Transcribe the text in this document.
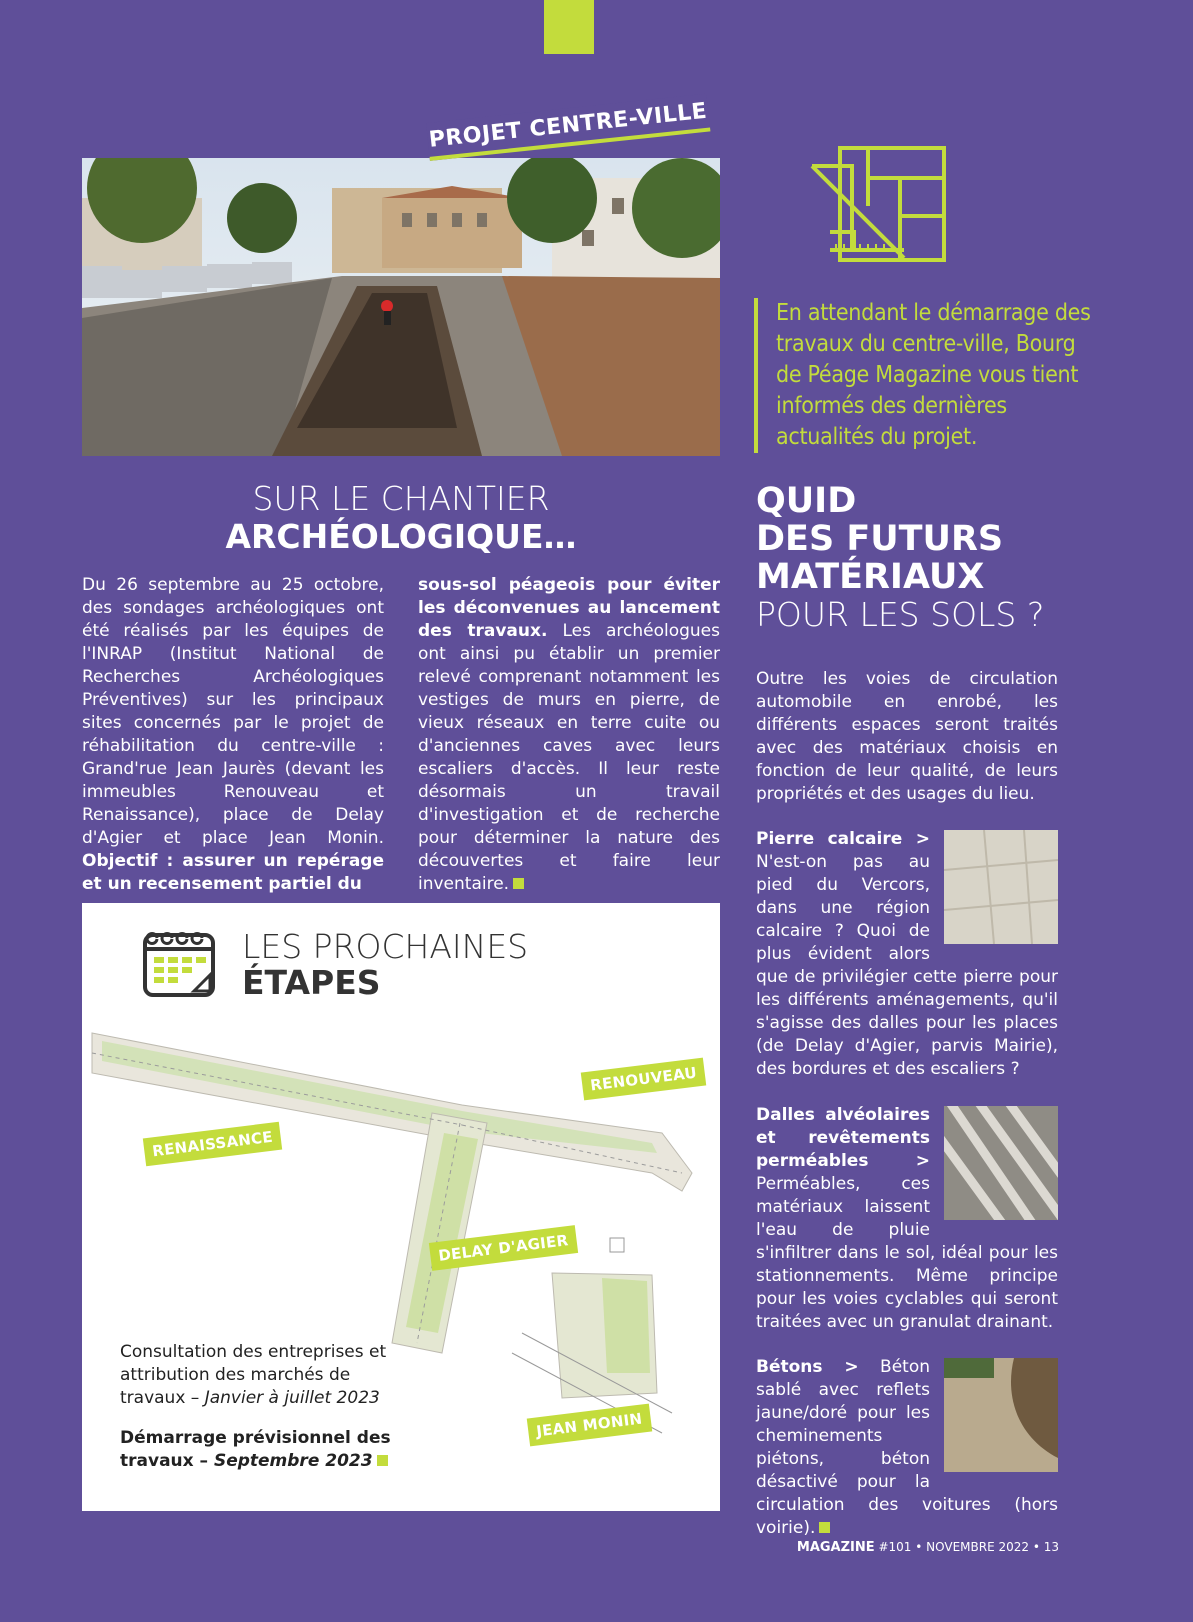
PROJET CENTRE-VILLE
En attendant le démarrage des travaux du centre-ville, Bourg de Péage Magazine vous tient informés des dernières actualités du projet.
SUR LE CHANTIER
ARCHÉOLOGIQUE…
Du 26 septembre au 25 octobre, des sondages archéologiques ont été réalisés par les équipes de l'INRAP (Institut National de Recherches Archéologiques Préventives) sur les principaux sites concernés par le projet de réhabilitation du centre-ville : Grand'rue Jean Jaurès (devant les immeubles Renouveau et Renaissance), place de Delay d'Agier et place Jean Monin. Objectif : assurer un repérage et un recensement partiel du
sous-sol péageois pour éviter les déconvenues au lancement des travaux. Les archéologues ont ainsi pu établir un premier relevé comprenant notamment les vestiges de murs en pierre, de vieux réseaux en terre cuite ou d'anciennes caves avec leurs escaliers d'accès. Il leur reste désormais un travail d'investigation et de recherche pour déterminer la nature des découvertes et faire leur inventaire.
QUID
DES FUTURS
MATÉRIAUX
POUR LES SOLS ?
Outre les voies de circulation automobile en enrobé, les différents espaces seront traités avec des matériaux choisis en fonction de leur qualité, de leurs propriétés et des usages du lieu.
Pierre calcaire > N'est-on pas au pied du Vercors, dans une région calcaire ? Quoi de plus évident alors que de privilégier cette pierre pour les différents aménagements, qu'il s'agisse des dalles pour les places (de Delay d'Agier, parvis Mairie), des bordures et des escaliers ?
Dalles alvéolaires et revêtements perméables > Perméables, ces matériaux laissent l'eau de pluie s'infiltrer dans le sol, idéal pour les stationnements. Même principe pour les voies cyclables qui seront traitées avec un granulat drainant.
Bétons > Béton sablé avec reflets jaune/doré pour les cheminements piétons, béton désactivé pour la circulation des voitures (hors voirie).
LES PROCHAINES
ÉTAPES
RENAISSANCE
RENOUVEAU
DELAY D'AGIER
JEAN MONIN
Consultation des entreprises et attribution des marchés de travaux – Janvier à juillet 2023
Démarrage prévisionnel des travaux – Septembre 2023
MAGAZINE #101 • NOVEMBRE 2022 • 13
